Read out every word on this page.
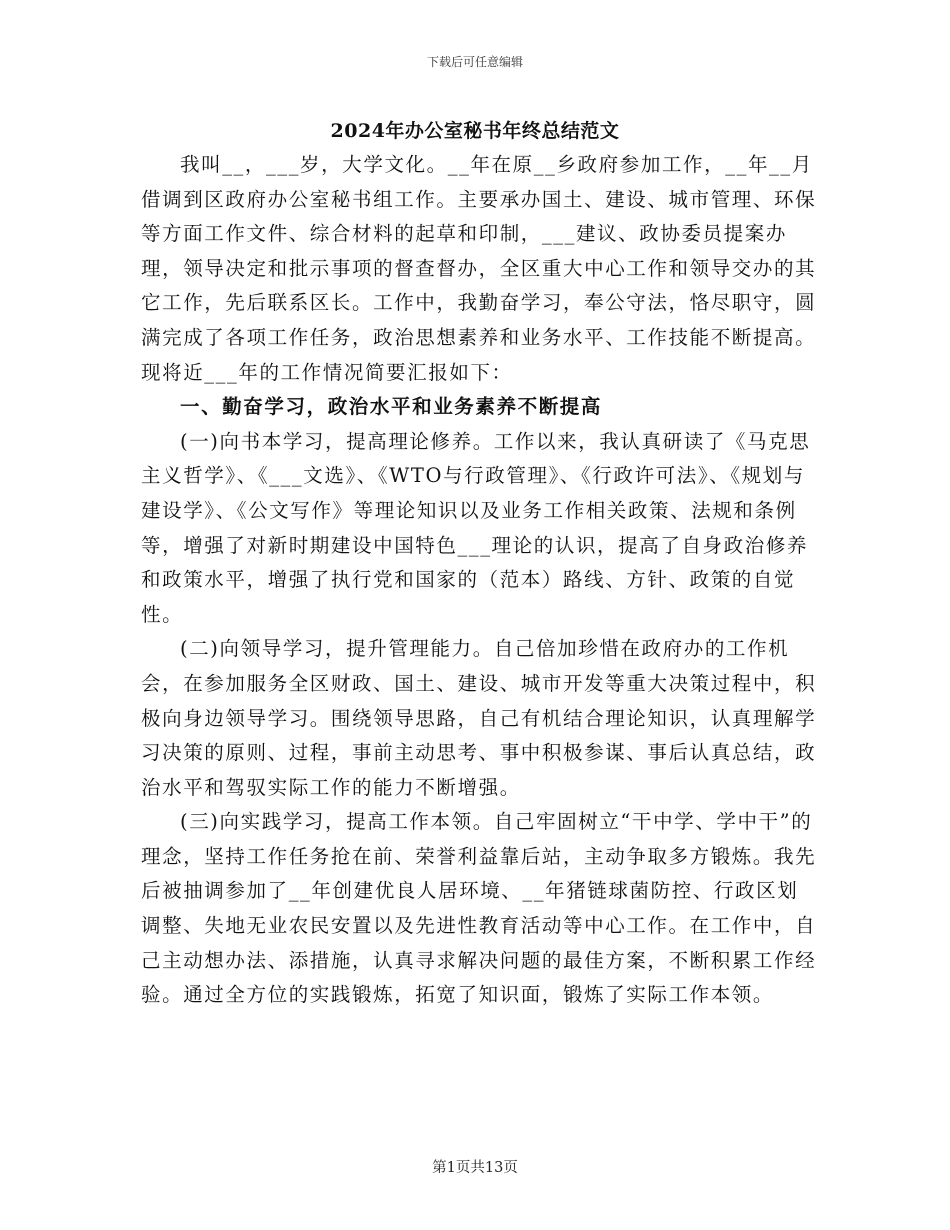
下载后可任意编辑
2024年办公室秘书年终总结范文

我叫__，___岁，大学文化。__年在原__乡政府参加工作，__年__月借调到区政府办公室秘书组工作。主要承办国土、建设、城市管理、环保等方面工作文件、综合材料的起草和印制，___建议、政协委员提案办理，领导决定和批示事项的督查督办，全区重大中心工作和领导交办的其它工作，先后联系区长。工作中，我勤奋学习，奉公守法，恪尽职守，圆满完成了各项工作任务，政治思想素养和业务水平、工作技能不断提高。现将近___年的工作情况简要汇报如下：

一、勤奋学习，政治水平和业务素养不断提高

(一)向书本学习，提高理论修养。工作以来，我认真研读了《马克思主义哲学》、《___文选》、《WTO与行政管理》、《行政许可法》、《规划与建设学》、《公文写作》等理论知识以及业务工作相关政策、法规和条例等，增强了对新时期建设中国特色___理论的认识，提高了自身政治修养和政策水平，增强了执行党和国家的（范本）路线、方针、政策的自觉性。

(二)向领导学习，提升管理能力。自己倍加珍惜在政府办的工作机会，在参加服务全区财政、国土、建设、城市开发等重大决策过程中，积极向身边领导学习。围绕领导思路，自己有机结合理论知识，认真理解学习决策的原则、过程，事前主动思考、事中积极参谋、事后认真总结，政治水平和驾驭实际工作的能力不断增强。

(三)向实践学习，提高工作本领。自己牢固树立“干中学、学中干”的理念，坚持工作任务抢在前、荣誉利益靠后站，主动争取多方锻炼。我先后被抽调参加了__年创建优良人居环境、__年猪链球菌防控、行政区划调整、失地无业农民安置以及先进性教育活动等中心工作。在工作中，自己主动想办法、添措施，认真寻求解决问题的最佳方案，不断积累工作经验。通过全方位的实践锻炼，拓宽了知识面，锻炼了实际工作本领。

第1页共13页
